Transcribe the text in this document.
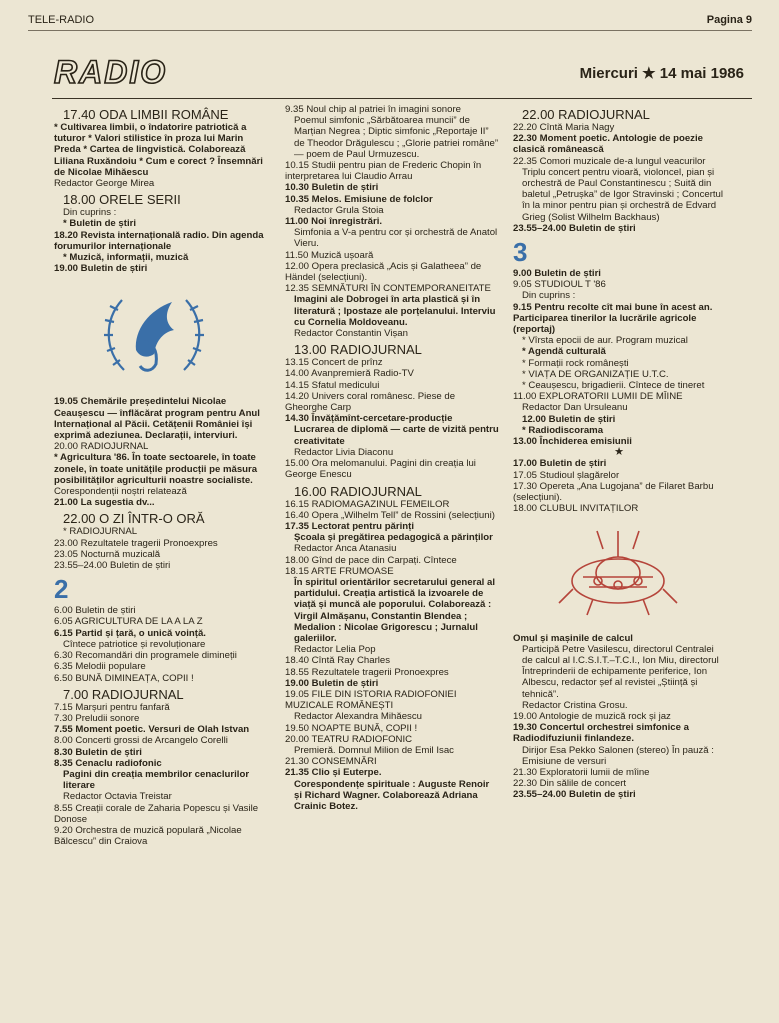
TELE-RADIO	Pagina 9
RADIO	Miercuri ★ 14 mai 1986

17.40 ODA LIMBII ROMÂNE

* Cultivarea limbii, o îndatorire patriotică a tuturor * Valori stilistice în proza lui Marin Preda * Cartea de lingvistică. Colaborează Liliana Ruxăndoiu * Cum e corect ? Însemnări de Nicolae Mihăescu

Redactor George Mirea

18.00 ORELE SERII

Din cuprins :

* Buletin de știri

18.20 Revista internațională radio. Din agenda forumurilor internaționale

* Muzică, informații, muzică

19.00 Buletin de știri

19.05 Chemările președintelui Nicolae Ceaușescu — înflăcărat program pentru Anul Internațional al Păcii. Cetățenii României își exprimă adeziunea. Declarații, interviuri.

20.00 RADIOJURNAL

* Agricultura '86. În toate sectoarele, în toate zonele, în toate unitățile producții pe măsura posibilităților agriculturii noastre socialiste.

Corespondenții noștri relatează

21.00 La sugestia dv...

22.00 O ZI ÎNTR-O ORĂ

* RADIOJURNAL

23.00 Rezultatele tragerii Pronoexpres

23.05 Nocturnă muzicală

23.55–24.00 Buletin de știri

2

6.00 Buletin de știri

6.05 AGRICULTURA DE LA A LA Z

6.15 Partid și țară, o unică voință.

Cîntece patriotice și revoluționare

6.30 Recomandări din programele dimineții

6.35 Melodii populare

6.50 BUNĂ DIMINEAȚA, COPII !

7.00 RADIOJURNAL

7.15 Marșuri pentru fanfară

7.30 Preludii sonore

7.55 Moment poetic. Versuri de Olah Istvan

8.00 Concerti grossi de Arcangelo Corelli

8.30 Buletin de știri

8.35 Cenaclu radiofonic

Pagini din creația membrilor cenaclurilor literare

Redactor Octavia Treistar

8.55 Creații corale de Zaharia Popescu și Vasile Donose

9.20 Orchestra de muzică populară „Nicolae Bălcescu” din Craiova

9.35 Noul chip al patriei în imagini sonore

Poemul simfonic „Sărbătoarea muncii” de Marțian Negrea ; Diptic simfonic „Reportaje II” de Theodor Drăgulescu ; „Glorie patriei române” — poem de Paul Urmuzescu.

10.15 Studii pentru pian de Frederic Chopin în interpretarea lui Claudio Arrau

10.30 Buletin de știri

10.35 Melos. Emisiune de folclor

Redactor Grula Stoia

11.00 Noi înregistrări.

Simfonia a V-a pentru cor și orchestră de Anatol Vieru.

11.50 Muzică ușoară

12.00 Opera preclasică „Acis și Galatheea” de Händel (selecțiuni).

12.35 SEMNĂTURI ÎN CONTEMPORANEITATE

Imagini ale Dobrogei în arta plastică și în literatură ; Ipostaze ale porțelanului. Interviu cu Cornelia Moldoveanu.

Redactor Constantin Vișan

13.00 RADIOJURNAL

13.15 Concert de prînz

14.00 Avanpremieră Radio-TV

14.15 Sfatul medicului

14.20 Univers coral românesc. Piese de Gheorghe Carp

14.30 Învățămînt-cercetare-producție

Lucrarea de diplomă — carte de vizită pentru creativitate

Redactor Livia Diaconu

15.00 Ora melomanului. Pagini din creația lui George Enescu

16.00 RADIOJURNAL

16.15 RADIOMAGAZINUL FEMEILOR

16.40 Opera „Wilhelm Tell” de Rossini (selecțiuni)

17.35 Lectorat pentru părinți

Școala și pregătirea pedagogică a părinților

Redactor Anca Atanasiu

18.00 Gînd de pace din Carpați. Cîntece

18.15 ARTE FRUMOASE

În spiritul orientărilor secretarului general al partidului. Creația artistică la izvoarele de viață și muncă ale poporului. Colaborează : Virgil Almășanu, Constantin Blendea ; Medalion : Nicolae Grigorescu ; Jurnalul galeriilor.

Redactor Lelia Pop

18.40 Cîntă Ray Charles

18.55 Rezultatele tragerii Pronoexpres

19.00 Buletin de știri

19.05 FILE DIN ISTORIA RADIOFONIEI MUZICALE ROMÂNEȘTI

Redactor Alexandra Mihăescu

19.50 NOAPTE BUNĂ, COPII !

20.00 TEATRU RADIOFONIC

Premieră. Domnul Milion de Emil Isac

21.30 CONSEMNĂRI

21.35 Clio și Euterpe.

Corespondențe spirituale : Auguste Renoir și Richard Wagner. Colaborează Adriana Crainic Botez.

22.00 RADIOJURNAL

22.20 Cîntă Maria Nagy

22.30 Moment poetic. Antologie de poezie clasică românească

22.35 Comori muzicale de-a lungul veacurilor

Triplu concert pentru vioară, violoncel, pian și orchestră de Paul Constantinescu ; Suită din baletul „Petrușka” de Igor Stravinski ; Concertul în la minor pentru pian și orchestră de Edvard Grieg (Solist Wilhelm Backhaus)

23.55–24.00 Buletin de știri

3

9.00 Buletin de știri

9.05 STUDIOUL T '86

Din cuprins :

9.15 Pentru recolte cît mai bune în acest an. Participarea tinerilor la lucrările agricole (reportaj)

* Vîrsta epocii de aur. Program muzical

* Agendă culturală

* Formații rock românești

* VIAȚA DE ORGANIZAȚIE U.T.C.

* Ceaușescu, brigadierii. Cîntece de tineret

11.00 EXPLORATORII LUMII DE MÎINE

Redactor Dan Ursuleanu

12.00 Buletin de știri

* Radiodiscorama

13.00 Închiderea emisiunii

★

17.00 Buletin de știri

17.05 Studioul șlagărelor

17.30 Opereta „Ana Lugojana” de Filaret Barbu (selecțiuni).

18.00 CLUBUL INVITAȚILOR

Omul și mașinile de calcul

Participă Petre Vasilescu, directorul Centralei de calcul al I.C.S.I.T.–T.C.I., Ion Miu, directorul Întreprinderii de echipamente periferice, Ion Albescu, redactor șef al revistei „Știință și tehnică”.

Redactor Cristina Grosu.

19.00 Antologie de muzică rock și jaz

19.30 Concertul orchestrei simfonice a Radiodifuziunii finlandeze.

Dirijor Esa Pekko Salonen (stereo) În pauză : Emisiune de versuri

21.30 Exploratorii lumii de mîine

22.30 Din sălile de concert

23.55–24.00 Buletin de știri
